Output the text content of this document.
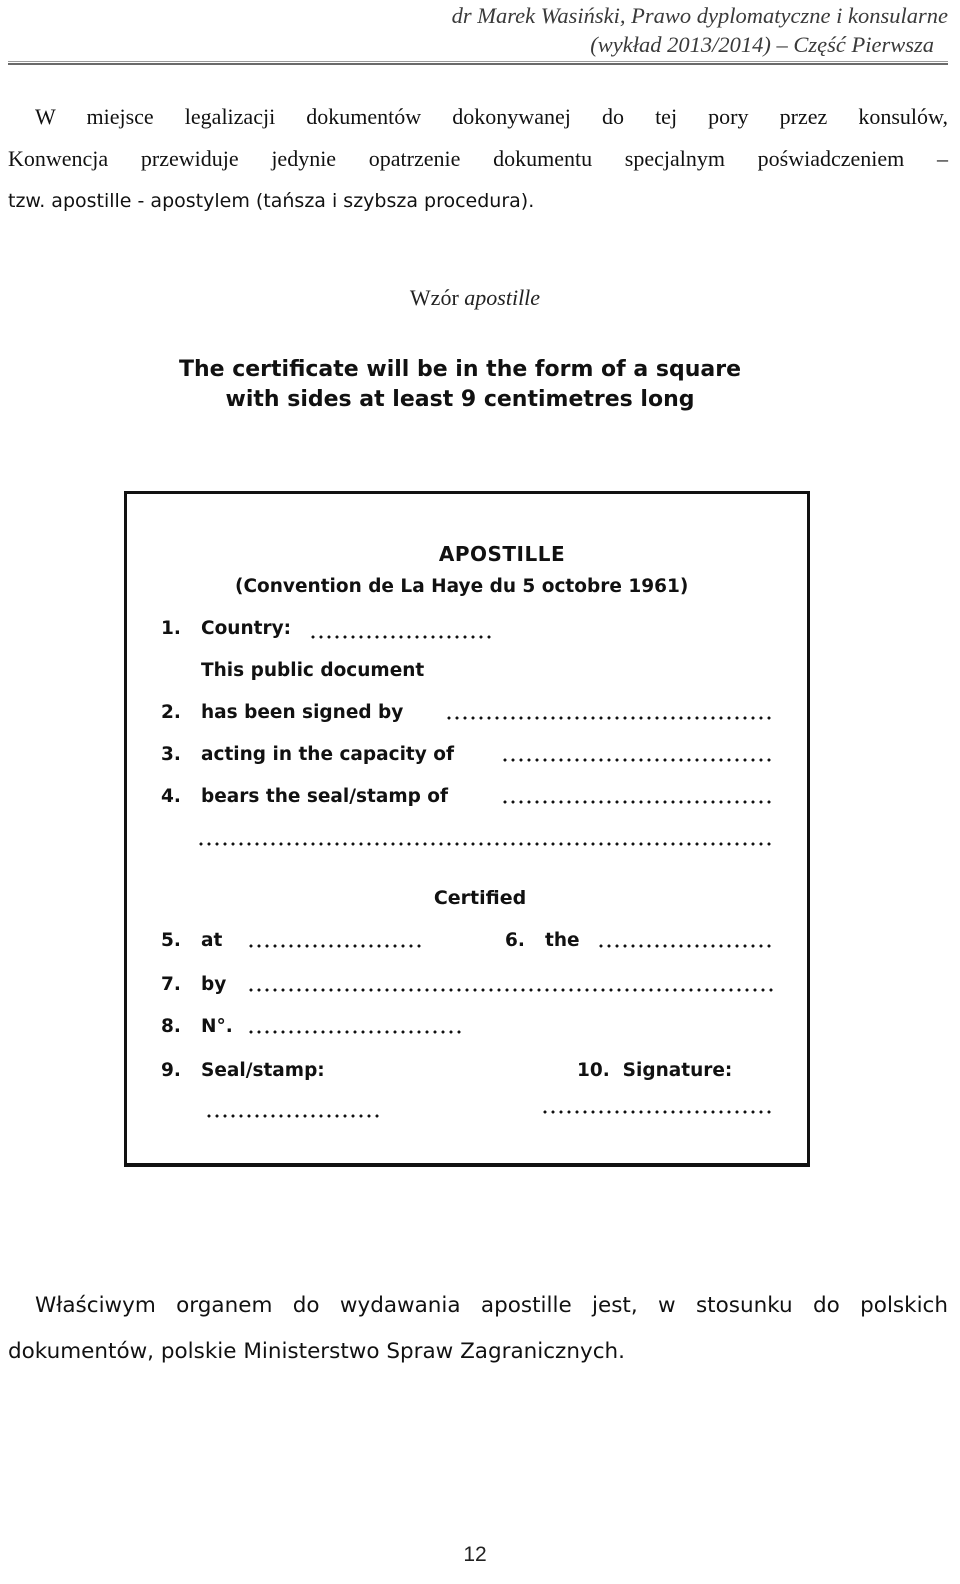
dr Marek Wasiński, Prawo dyplomatyczne i konsularne
(wykład 2013/2014) – Część Pierwsza
W miejsce legalizacji dokumentów dokonywanej do tej pory przez konsulów,
Konwencja przewiduje jedynie opatrzenie dokumentu specjalnym poświadczeniem –
tzw. apostille - apostylem (tańsza i szybsza procedura).
Wzór apostille
The certificate will be in the form of a square
with sides at least 9 centimetres long
APOSTILLE
(Convention de La Haye du 5 octobre 1961)
1. Country:
This public document
2. has been signed by
3. acting in the capacity of
4. bears the seal/stamp of
Certified
5. at	6. the
7. by
8. N°.
9. Seal/stamp:	10. Signature:
Właściwym organem do wydawania apostille jest, w stosunku do polskich
dokumentów, polskie Ministerstwo Spraw Zagranicznych.
12
